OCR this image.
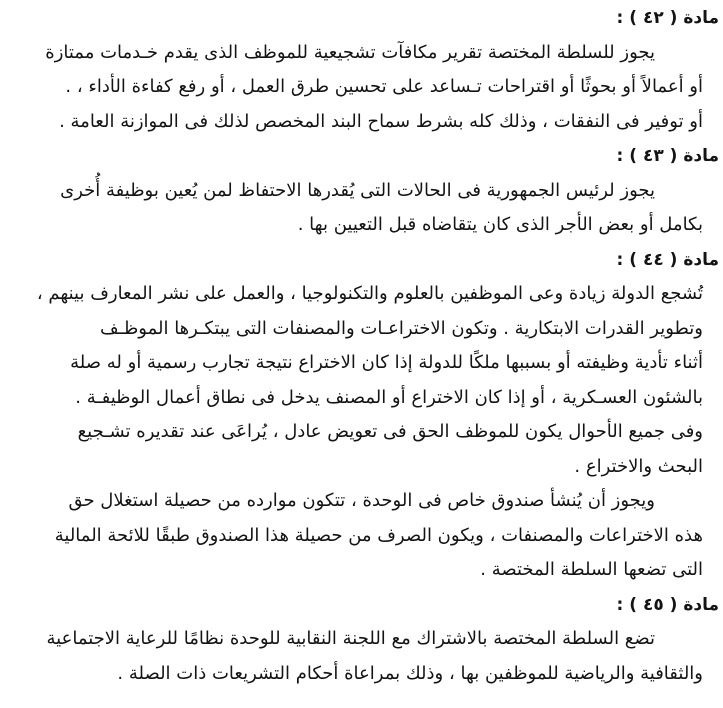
مادة ( ٤٢ ) :
يجوز للسلطة المختصة تقرير مكافآت تشجيعية للموظف الذى يقدم خـدمات ممتازة
أو أعمالاً أو بحوثًا أو اقتراحات تـساعد على تحسين طرق العمل ، أو رفع كفاءة الأداء ، .
أو توفير فى النفقات ، وذلك كله بشرط سماح البند المخصص لذلك فى الموازنة العامة .
مادة ( ٤٣ ) :
يجوز لرئيس الجمهورية فى الحالات التى يُقدرها الاحتفاظ لمن يُعين بوظيفة أُخرى
بكامل أو بعض الأجر الذى كان يتقاضاه قبل التعيين بها .
مادة ( ٤٤ ) :
تُشجع الدولة زيادة وعى الموظفين بالعلوم والتكنولوجيا ، والعمل على نشر المعارف بينهم ،
وتطوير القدرات الابتكارية . وتكون الاختراعـات والمصنفات التى يبتكـرها الموظـف
أثناء تأدية وظيفته أو بسببها ملكًا للدولة إذا كان الاختراع نتيجة تجارب رسمية أو له صلة
بالشئون العسـكرية ، أو إذا كان الاختراع أو المصنف يدخل فى نطاق أعمال الوظيفـة .
وفى جميع الأحوال يكون للموظف الحق فى تعويض عادل ، يُراعَى عند تقديره تشـجيع
البحث والاختراع .
ويجوز أن يُنشأ صندوق خاص فى الوحدة ، تتكون موارده من حصيلة استغلال حق
هذه الاختراعات والمصنفات ، ويكون الصرف من حصيلة هذا الصندوق طبقًا للائحة المالية
التى تضعها السلطة المختصة .
مادة ( ٤٥ ) :
تضع السلطة المختصة بالاشتراك مع اللجنة النقابية للوحدة نظامًا للرعاية الاجتماعية
والثقافية والرياضية للموظفين بها ، وذلك بمراعاة أحكام التشريعات ذات الصلة .
